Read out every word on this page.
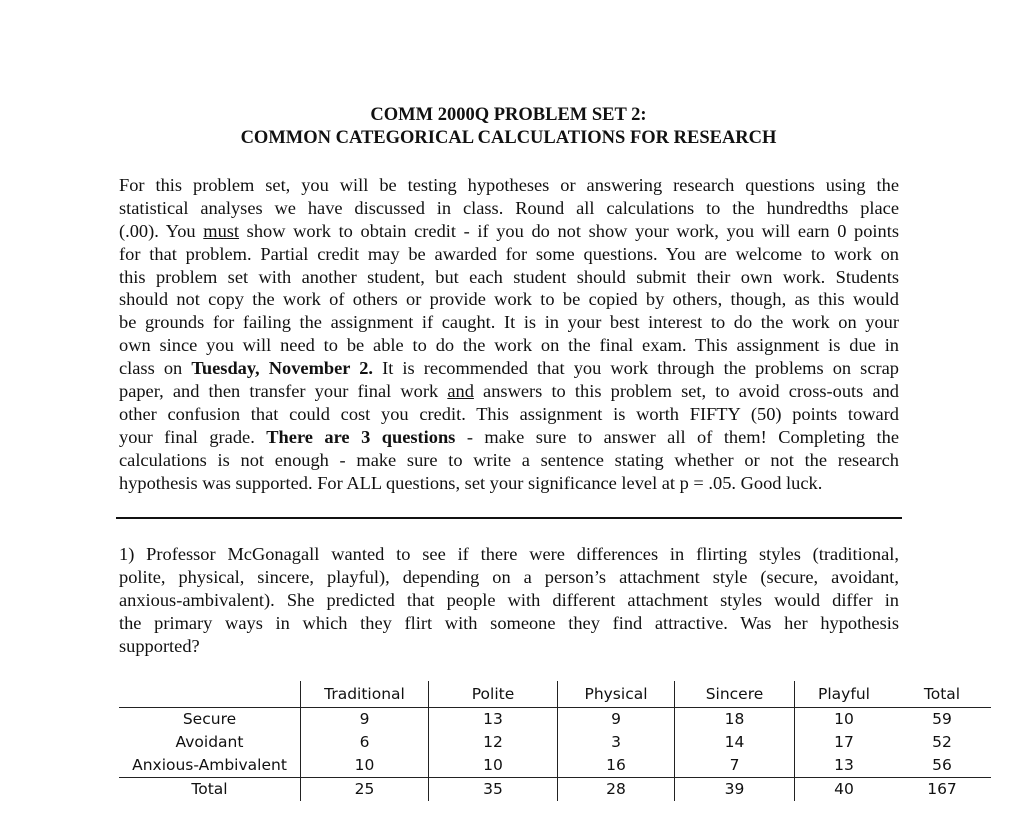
COMM 2000Q PROBLEM SET 2:
COMMON CATEGORICAL CALCULATIONS FOR RESEARCH
For this problem set, you will be testing hypotheses or answering research questions using the
statistical analyses we have discussed in class. Round all calculations to the hundredths place
(.00). You must show work to obtain credit - if you do not show your work, you will earn 0 points
for that problem. Partial credit may be awarded for some questions. You are welcome to work on
this problem set with another student, but each student should submit their own work. Students
should not copy the work of others or provide work to be copied by others, though, as this would
be grounds for failing the assignment if caught. It is in your best interest to do the work on your
own since you will need to be able to do the work on the final exam. This assignment is due in
class on Tuesday, November 2. It is recommended that you work through the problems on scrap
paper, and then transfer your final work and answers to this problem set, to avoid cross-outs and
other confusion that could cost you credit. This assignment is worth FIFTY (50) points toward
your final grade. There are 3 questions - make sure to answer all of them! Completing the
calculations is not enough - make sure to write a sentence stating whether or not the research
hypothesis was supported. For ALL questions, set your significance level at p = .05. Good luck.
1) Professor McGonagall wanted to see if there were differences in flirting styles (traditional,
polite, physical, sincere, playful), depending on a person’s attachment style (secure, avoidant,
anxious-ambivalent). She predicted that people with different attachment styles would differ in
the primary ways in which they flirt with someone they find attractive. Was her hypothesis
supported?
	Traditional	Polite	Physical	Sincere	Playful	Total
Secure	9	13	9	18	10	59
Avoidant	6	12	3	14	17	52
Anxious-Ambivalent	10	10	16	7	13	56
Total	25	35	28	39	40	167
